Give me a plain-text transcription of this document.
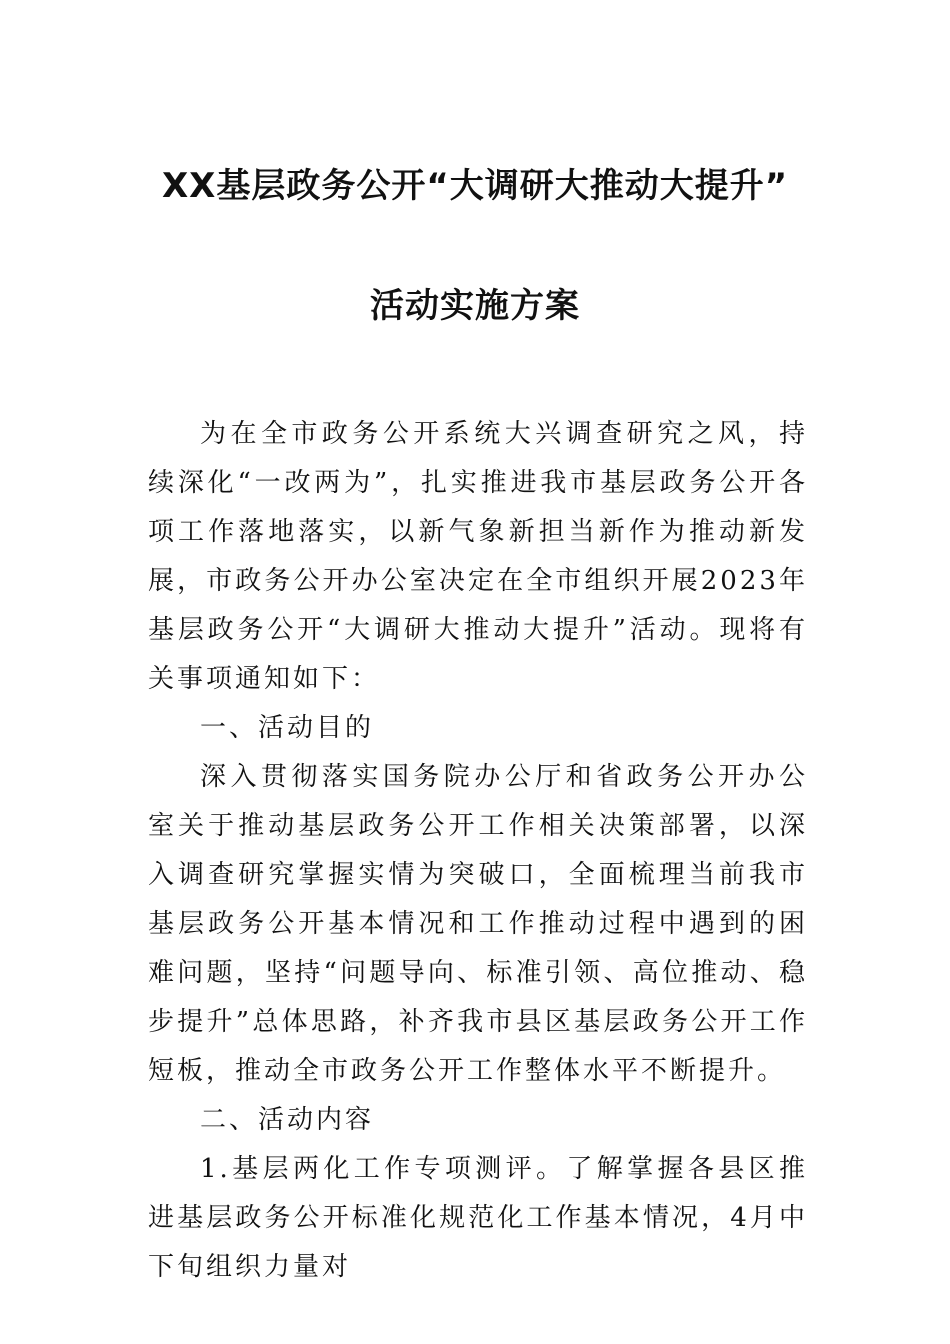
XX基层政务公开“大调研大推动大提升”
活动实施方案

为在全市政务公开系统大兴调查研究之风，持续深化“一改两为”，扎实推进我市基层政务公开各项工作落地落实，以新气象新担当新作为推动新发展，市政务公开办公室决定在全市组织开展2023年基层政务公开“大调研大推动大提升”活动。现将有关事项通知如下：

一、活动目的

深入贯彻落实国务院办公厅和省政务公开办公室关于推动基层政务公开工作相关决策部署，以深入调查研究掌握实情为突破口，全面梳理当前我市基层政务公开基本情况和工作推动过程中遇到的困难问题，坚持“问题导向、标准引领、高位推动、稳步提升”总体思路，补齐我市县区基层政务公开工作短板，推动全市政务公开工作整体水平不断提升。

二、活动内容

1.基层两化工作专项测评。了解掌握各县区推进基层政务公开标准化规范化工作基本情况，4月中下旬组织力量对
